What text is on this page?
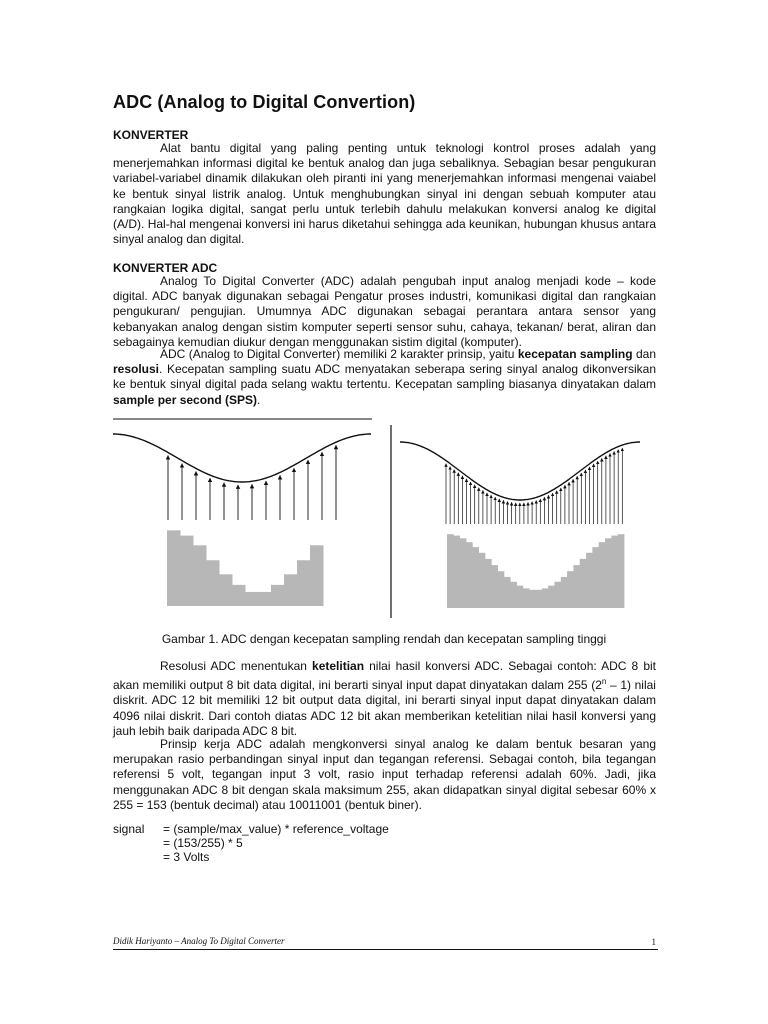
ADC (Analog to Digital Convertion)
KONVERTER

Alat bantu digital yang paling penting untuk teknologi kontrol proses adalah yang menerjemahkan informasi digital ke bentuk analog dan juga sebaliknya. Sebagian besar pengukuran variabel-variabel dinamik dilakukan oleh piranti ini yang menerjemahkan informasi mengenai vaiabel ke bentuk sinyal listrik analog. Untuk menghubungkan sinyal ini dengan sebuah komputer atau rangkaian logika digital, sangat perlu untuk terlebih dahulu melakukan konversi analog ke digital (A/D). Hal-hal mengenai konversi ini harus diketahui sehingga ada keunikan, hubungan khusus antara sinyal analog dan digital.

KONVERTER ADC

Analog To Digital Converter (ADC) adalah pengubah input analog menjadi kode – kode digital. ADC banyak digunakan sebagai Pengatur proses industri, komunikasi digital dan rangkaian pengukuran/ pengujian. Umumnya ADC digunakan sebagai perantara antara sensor yang kebanyakan analog dengan sistim komputer seperti sensor suhu, cahaya, tekanan/ berat, aliran dan sebagainya kemudian diukur dengan menggunakan sistim digital (komputer).

ADC (Analog to Digital Converter) memiliki 2 karakter prinsip, yaitu kecepatan sampling dan resolusi. Kecepatan sampling suatu ADC menyatakan seberapa sering sinyal analog dikonversikan ke bentuk sinyal digital pada selang waktu tertentu. Kecepatan sampling biasanya dinyatakan dalam sample per second (SPS).

Gambar 1. ADC dengan kecepatan sampling rendah dan kecepatan sampling tinggi

Resolusi ADC menentukan ketelitian nilai hasil konversi ADC. Sebagai contoh: ADC 8 bit akan memiliki output 8 bit data digital, ini berarti sinyal input dapat dinyatakan dalam 255 (2$^n$ – 1) nilai diskrit. ADC 12 bit memiliki 12 bit output data digital, ini berarti sinyal input dapat dinyatakan dalam 4096 nilai diskrit. Dari contoh diatas ADC 12 bit akan memberikan ketelitian nilai hasil konversi yang jauh lebih baik daripada ADC 8 bit.

Prinsip kerja ADC adalah mengkonversi sinyal analog ke dalam bentuk besaran yang merupakan rasio perbandingan sinyal input dan tegangan referensi. Sebagai contoh, bila tegangan referensi 5 volt, tegangan input 3 volt, rasio input terhadap referensi adalah 60%. Jadi, jika menggunakan ADC 8 bit dengan skala maksimum 255, akan didapatkan sinyal digital sebesar 60% x 255 = 153 (bentuk decimal) atau 10011001 (bentuk biner).

signal	= (sample/max_value) * reference_voltage
= (153/255) * 5
= 3 Volts

Didik Hariyanto – Analog To Digital Converter	1
